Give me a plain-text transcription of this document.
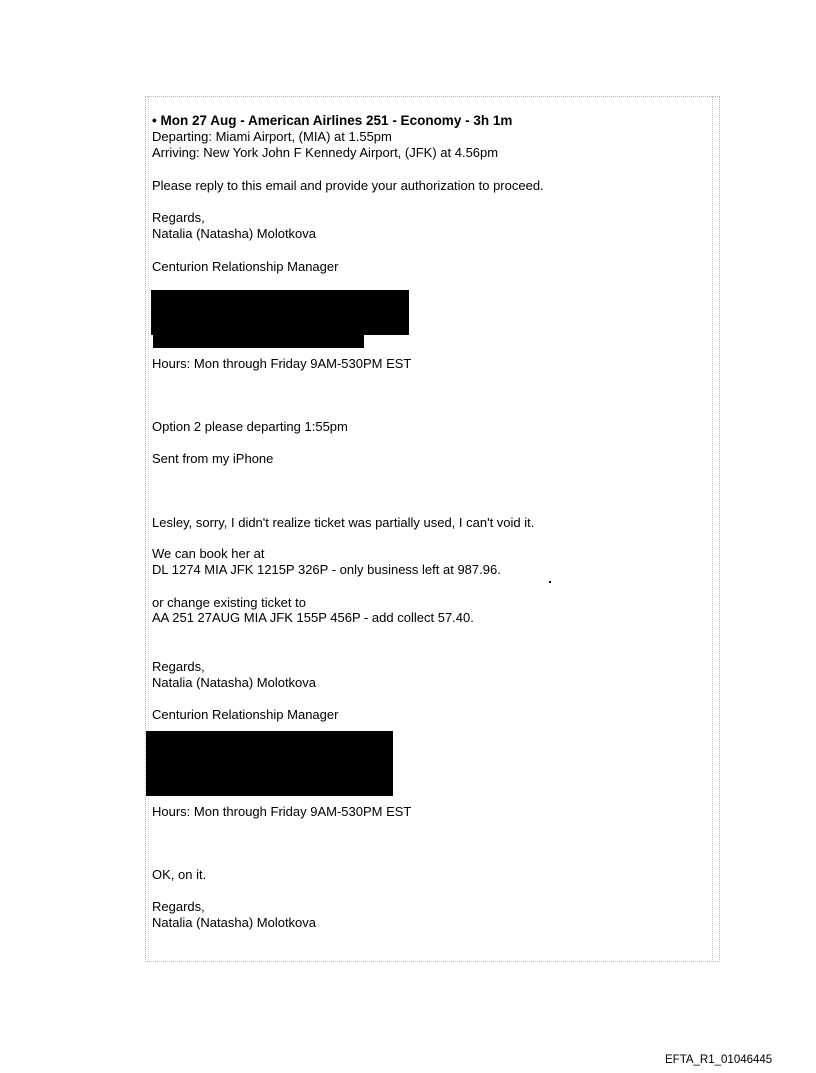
• Mon 27 Aug - American Airlines 251 - Economy - 3h 1m
Departing: Miami Airport, (MIA) at 1.55pm
Arriving: New York John F Kennedy Airport, (JFK) at 4.56pm
Please reply to this email and provide your authorization to proceed.
Regards,
Natalia (Natasha) Molotkova
Centurion Relationship Manager
Hours: Mon through Friday 9AM-530PM EST
Option 2 please departing 1:55pm
Sent from my iPhone
Lesley, sorry, I didn't realize ticket was partially used, I can't void it.
We can book her at
DL 1274 MIA JFK 1215P 326P - only business left at 987.96.
or change existing ticket to
AA 251 27AUG MIA JFK 155P 456P - add collect 57.40.
Regards,
Natalia (Natasha) Molotkova
Centurion Relationship Manager
Hours: Mon through Friday 9AM-530PM EST
OK, on it.
Regards,
Natalia (Natasha) Molotkova
EFTA_R1_01046445
